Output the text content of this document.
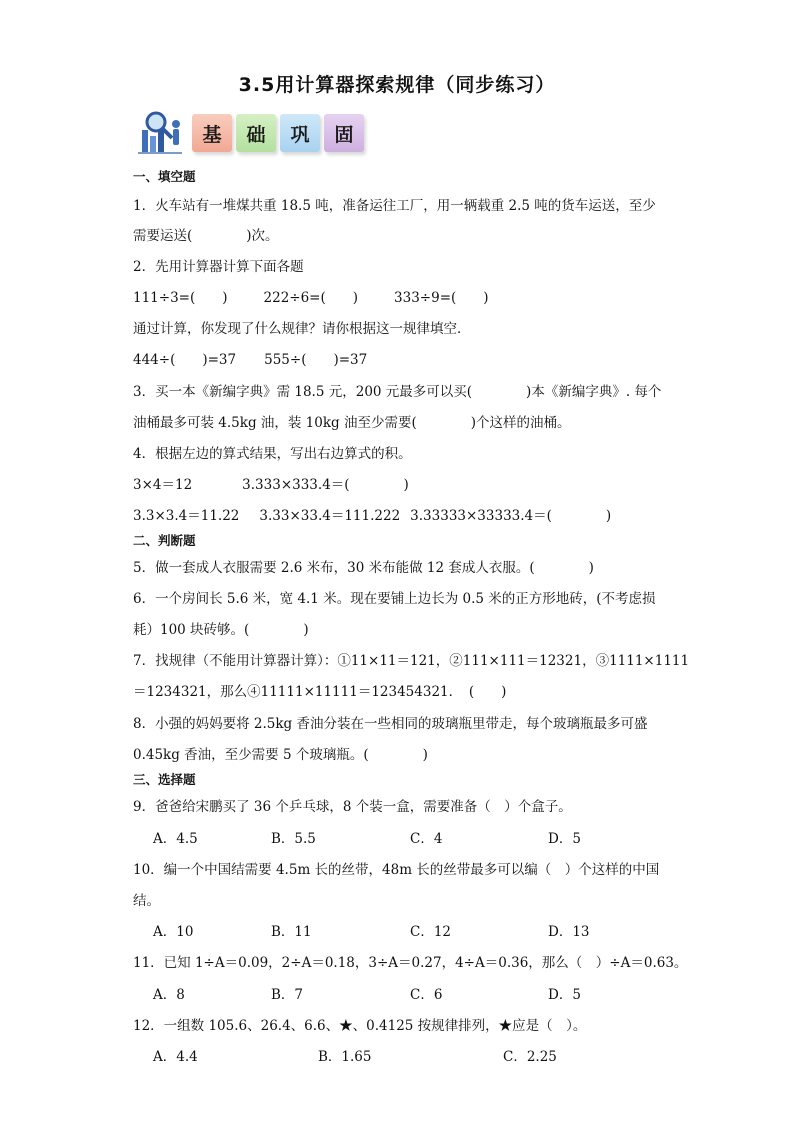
3.5用计算器探索规律（同步练习）
基	础	巩	固
一、填空题
1．火车站有一堆煤共重 18.5 吨，准备运往工厂，用一辆载重 2.5 吨的货车运送，至少
需要运送(　　　　)次。
2．先用计算器计算下面各题
111÷3=(　　)	222÷6=(　　)	333÷9=(　　)
通过计算，你发现了什么规律？请你根据这一规律填空．
444÷(　　)=37 555÷(　　)=37
3．买一本《新编字典》需 18.5 元，200 元最多可以买(　　　　)本《新编字典》. 每个
油桶最多可装 4.5kg 油，装 10kg 油至少需要(　　　　)个这样的油桶。
4．根据左边的算式结果，写出右边算式的积。
3×4＝12	3.333×333.4＝(　　　　)
3.3×3.4＝11.22 3.33×33.4＝111.222 3.33333×33333.4＝(　　　　)
二、判断题
5．做一套成人衣服需要 2.6 米布，30 米布能做 12 套成人衣服。(　　　　)
6．一个房间长 5.6 米，宽 4.1 米。现在要铺上边长为 0.5 米的正方形地砖，(不考虑损
耗）100 块砖够。(　　　　)
7．找规律（不能用计算器计算）：①11×11＝121，②111×111＝12321，③1111×1111
＝1234321，那么④11111×11111＝123454321．　(　　)
8．小强的妈妈要将 2.5kg 香油分装在一些相同的玻璃瓶里带走，每个玻璃瓶最多可盛
0.45kg 香油，至少需要 5 个玻璃瓶。(　　　　)
三、选择题
9．爸爸给宋鹏买了 36 个乒乓球，8 个装一盒，需要准备（　）个盒子。
A．4.5	B．5.5	C．4	D．5
10．编一个中国结需要 4.5m 长的丝带，48m 长的丝带最多可以编（　）个这样的中国
结。
A．10	B．11	C．12	D．13
11．已知 1÷A＝0.09，2÷A＝0.18，3÷A＝0.27，4÷A＝0.36，那么（　）÷A＝0.63。
A．8	B．7	C．6	D．5
12．一组数 105.6、26.4、6.6、★、0.4125 按规律排列，★应是（　）。
A．4.4	B．1.65	C．2.25
